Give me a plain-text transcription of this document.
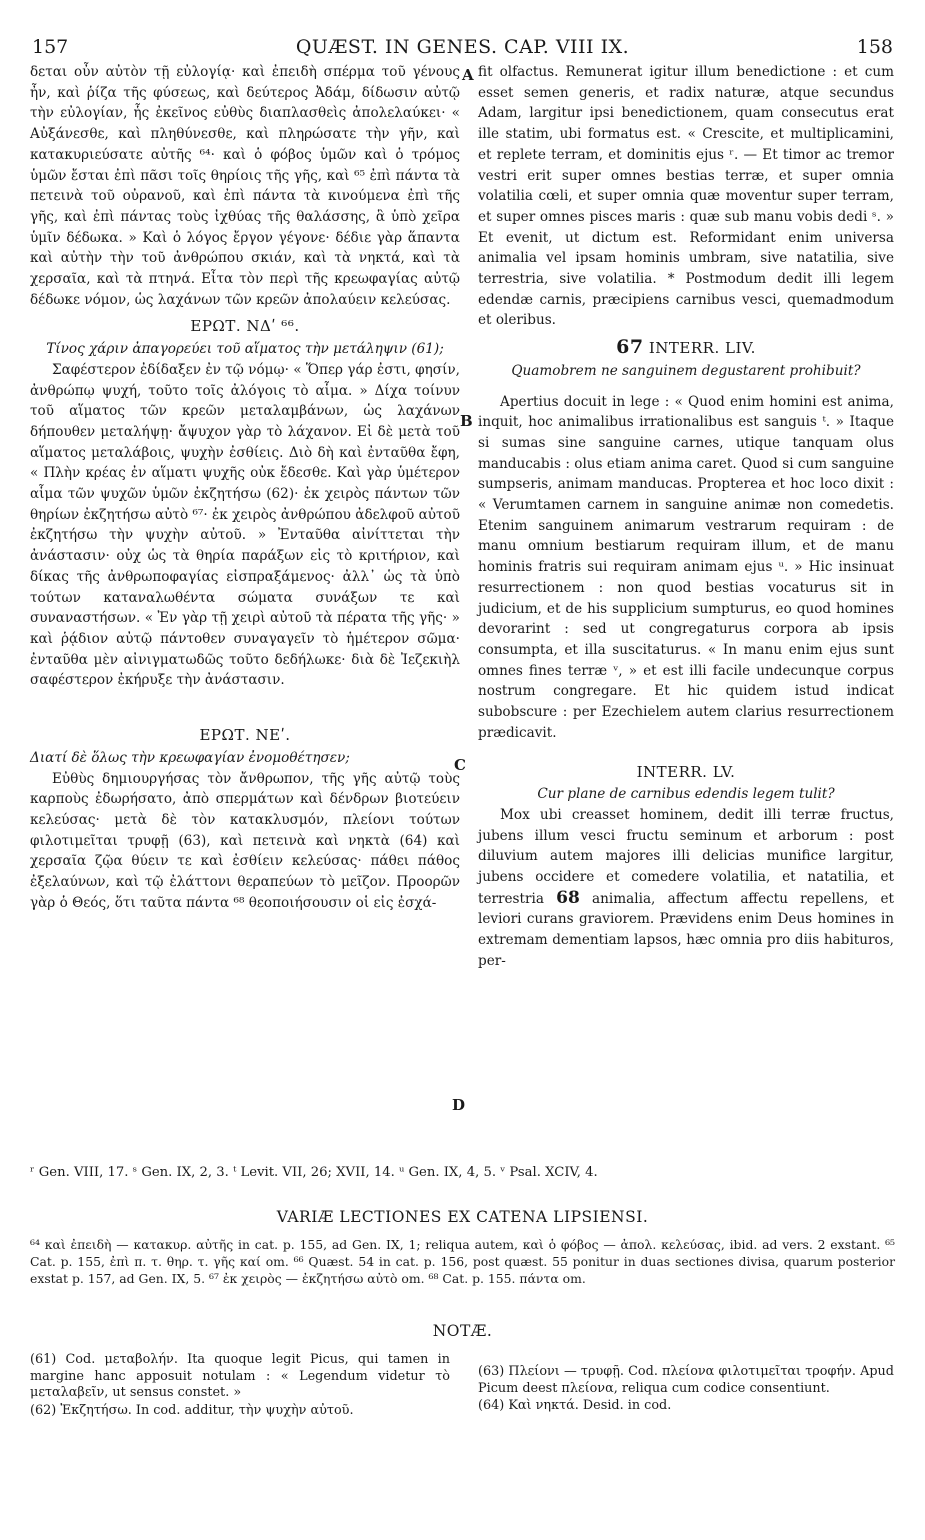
157	QUÆST. IN GENES. CAP. VIII IX.	158
A
B
C
D

δεται οὖν αὐτὸν τῇ εὐλογίᾳ· καὶ ἐπειδὴ σπέρμα τοῦ γένους ἦν, καὶ ῥίζα τῆς φύσεως, καὶ δεύτερος Ἀδάμ, δίδωσιν αὐτῷ τὴν εὐλογίαν, ἧς ἐκεῖνος εὐθὺς διαπλασθεὶς ἀπολελαύκει· « Αὐξάνεσθε, καὶ πληθύνεσθε, καὶ πληρώσατε τὴν γῆν, καὶ κατακυριεύσατε αὐτῆς ⁶⁴· καὶ ὁ φόβος ὑμῶν καὶ ὁ τρόμος ὑμῶν ἔσται ἐπὶ πᾶσι τοῖς θηρίοις τῆς γῆς, καὶ ⁶⁵ ἐπὶ πάντα τὰ πετεινὰ τοῦ οὐρανοῦ, καὶ ἐπὶ πάντα τὰ κινούμενα ἐπὶ τῆς γῆς, καὶ ἐπὶ πάντας τοὺς ἰχθύας τῆς θαλάσσης, ἃ ὑπὸ χεῖρα ὑμῖν δέδωκα. » Καὶ ὁ λόγος ἔργον γέγονε· δέδιε γὰρ ἅπαντα καὶ αὐτὴν τὴν τοῦ ἀνθρώπου σκιάν, καὶ τὰ νηκτά, καὶ τὰ χερσαῖα, καὶ τὰ πτηνά. Εἶτα τὸν περὶ τῆς κρεωφαγίας αὐτῷ δέδωκε νόμον, ὡς λαχάνων τῶν κρεῶν ἀπολαύειν κελεύσας.

ΕΡΩΤ. ΝΔʹ ⁶⁶.

Τίνος χάριν ἀπαγορεύει τοῦ αἵματος τὴν μετάληψιν (61);

Σαφέστερον ἐδίδαξεν ἐν τῷ νόμῳ· « Ὅπερ γάρ ἐστι, φησίν, ἀνθρώπῳ ψυχή, τοῦτο τοῖς ἀλόγοις τὸ αἷμα. » Δίχα τοίνυν τοῦ αἵματος τῶν κρεῶν μεταλαμβάνων, ὡς λαχάνων δήπουθεν μεταλήψῃ· ἄψυχον γὰρ τὸ λάχανον. Εἰ δὲ μετὰ τοῦ αἵματος μεταλάβοις, ψυχὴν ἐσθίεις. Διὸ δὴ καὶ ἐνταῦθα ἔφη, « Πλὴν κρέας ἐν αἵματι ψυχῆς οὐκ ἔδεσθε. Καὶ γὰρ ὑμέτερον αἷμα τῶν ψυχῶν ὑμῶν ἐκζητήσω (62)· ἐκ χειρὸς πάντων τῶν θηρίων ἐκζητήσω αὐτὸ ⁶⁷· ἐκ χειρὸς ἀνθρώπου ἀδελφοῦ αὐτοῦ ἐκζητήσω τὴν ψυχὴν αὐτοῦ. » Ἐνταῦθα αἰνίττεται τὴν ἀνάστασιν· οὐχ ὡς τὰ θηρία παράξων εἰς τὸ κριτήριον, καὶ δίκας τῆς ἀνθρωποφαγίας εἰσπραξάμενος· ἀλλ᾽ ὡς τὰ ὑπὸ τούτων καταναλωθέντα σώματα συνάξων τε καὶ συναναστήσων. « Ἐν γὰρ τῇ χειρὶ αὐτοῦ τὰ πέρατα τῆς γῆς· » καὶ ῥᾴδιον αὐτῷ πάντοθεν συναγαγεῖν τὸ ἡμέτερον σῶμα· ἐνταῦθα μὲν αἰνιγματωδῶς τοῦτο δεδήλωκε· διὰ δὲ Ἰεζεκιὴλ σαφέστερον ἐκήρυξε τὴν ἀνάστασιν.

ΕΡΩΤ. ΝΕʹ.

Διατί δὲ ὅλως τὴν κρεωφαγίαν ἐνομοθέτησεν;

Εὐθὺς δημιουργήσας τὸν ἄνθρωπον, τῆς γῆς αὐτῷ τοὺς καρποὺς ἐδωρήσατο, ἀπὸ σπερμάτων καὶ δένδρων βιοτεύειν κελεύσας· μετὰ δὲ τὸν κατακλυσμόν, πλείονι τούτων φιλοτιμεῖται τρυφῇ (63), καὶ πετεινὰ καὶ νηκτὰ (64) καὶ χερσαῖα ζῷα θύειν τε καὶ ἐσθίειν κελεύσας· πάθει πάθος ἐξελαύνων, καὶ τῷ ἐλάττονι θεραπεύων τὸ μεῖζον. Προορῶν γὰρ ὁ Θεός, ὅτι ταῦτα πάντα ⁶⁸ θεοποιήσουσιν οἱ εἰς ἐσχά-

fit olfactus. Remunerat igitur illum benedictione : et cum esset semen generis, et radix naturæ, atque secundus Adam, largitur ipsi benedictionem, quam consecutus erat ille statim, ubi formatus est. « Crescite, et multiplicamini, et replete terram, et dominitis ejus ʳ. — Et timor ac tremor vestri erit super omnes bestias terræ, et super omnia volatilia cœli, et super omnia quæ moventur super terram, et super omnes pisces maris : quæ sub manu vobis dedi ˢ. » Et evenit, ut dictum est. Reformidant enim universa animalia vel ipsam hominis umbram, sive natatilia, sive terrestria, sive volatilia. * Postmodum dedit illi legem edendæ carnis, præcipiens carnibus vesci, quemadmodum et oleribus.

67 INTERR. LIV.

Quamobrem ne sanguinem degustarent prohibuit?

Apertius docuit in lege : « Quod enim homini est anima, inquit, hoc animalibus irrationalibus est sanguis ᵗ. » Itaque si sumas sine sanguine carnes, utique tanquam olus manducabis : olus etiam anima caret. Quod si cum sanguine sumpseris, animam manducas. Propterea et hoc loco dixit : « Verumtamen carnem in sanguine animæ non comedetis. Etenim sanguinem animarum vestrarum requiram : de manu omnium bestiarum requiram illum, et de manu hominis fratris sui requiram animam ejus ᵘ. » Hic insinuat resurrectionem : non quod bestias vocaturus sit in judicium, et de his supplicium sumpturus, eo quod homines devorarint : sed ut congregaturus corpora ab ipsis consumpta, et illa suscitaturus. « In manu enim ejus sunt omnes fines terræ ᵛ, » et est illi facile undecunque corpus nostrum congregare. Et hic quidem istud indicat subobscure : per Ezechielem autem clarius resurrectionem prædicavit.

INTERR. LV.

Cur plane de carnibus edendis legem tulit?

Mox ubi creasset hominem, dedit illi terræ fructus, jubens illum vesci fructu seminum et arborum : post diluvium autem majores illi delicias munifice largitur, jubens occidere et comedere volatilia, et natatilia, et terrestria 68 animalia, affectum affectu repellens, et leviori curans graviorem. Prævidens enim Deus homines in extremam dementiam lapsos, hæc omnia pro diis habituros, per-

ʳ Gen. VIII, 17. ˢ Gen. IX, 2, 3. ᵗ Levit. VII, 26; XVII, 14. ᵘ Gen. IX, 4, 5. ᵛ Psal. XCIV, 4.
VARIÆ LECTIONES EX CATENA LIPSIENSI.
⁶⁴ καὶ ἐπειδὴ — κατακυρ. αὐτῆς in cat. p. 155, ad Gen. IX, 1; reliqua autem, καὶ ὁ φόβος — ἀπολ. κελεύσας, ibid. ad vers. 2 exstant. ⁶⁵ Cat. p. 155, ἐπὶ π. τ. θηρ. τ. γῆς καί om. ⁶⁶ Quæst. 54 in cat. p. 156, post quæst. 55 ponitur in duas sectiones divisa, quarum posterior exstat p. 157, ad Gen. IX, 5. ⁶⁷ ἐκ χειρὸς — ἐκζητήσω αὐτὸ om. ⁶⁸ Cat. p. 155. πάντα om.
NOTÆ.

(61) Cod. μεταβολήν. Ita quoque legit Picus, qui tamen in margine hanc apposuit notulam : « Legendum videtur τὸ μεταλαβεῖν, ut sensus constet. »

(62) Ἐκζητήσω. In cod. additur, τὴν ψυχὴν αὐτοῦ.

(63) Πλείονι — τρυφῇ. Cod. πλείονα φιλοτιμεῖται τροφήν. Apud Picum deest πλείονα, reliqua cum codice consentiunt.

(64) Καὶ νηκτά. Desid. in cod.
